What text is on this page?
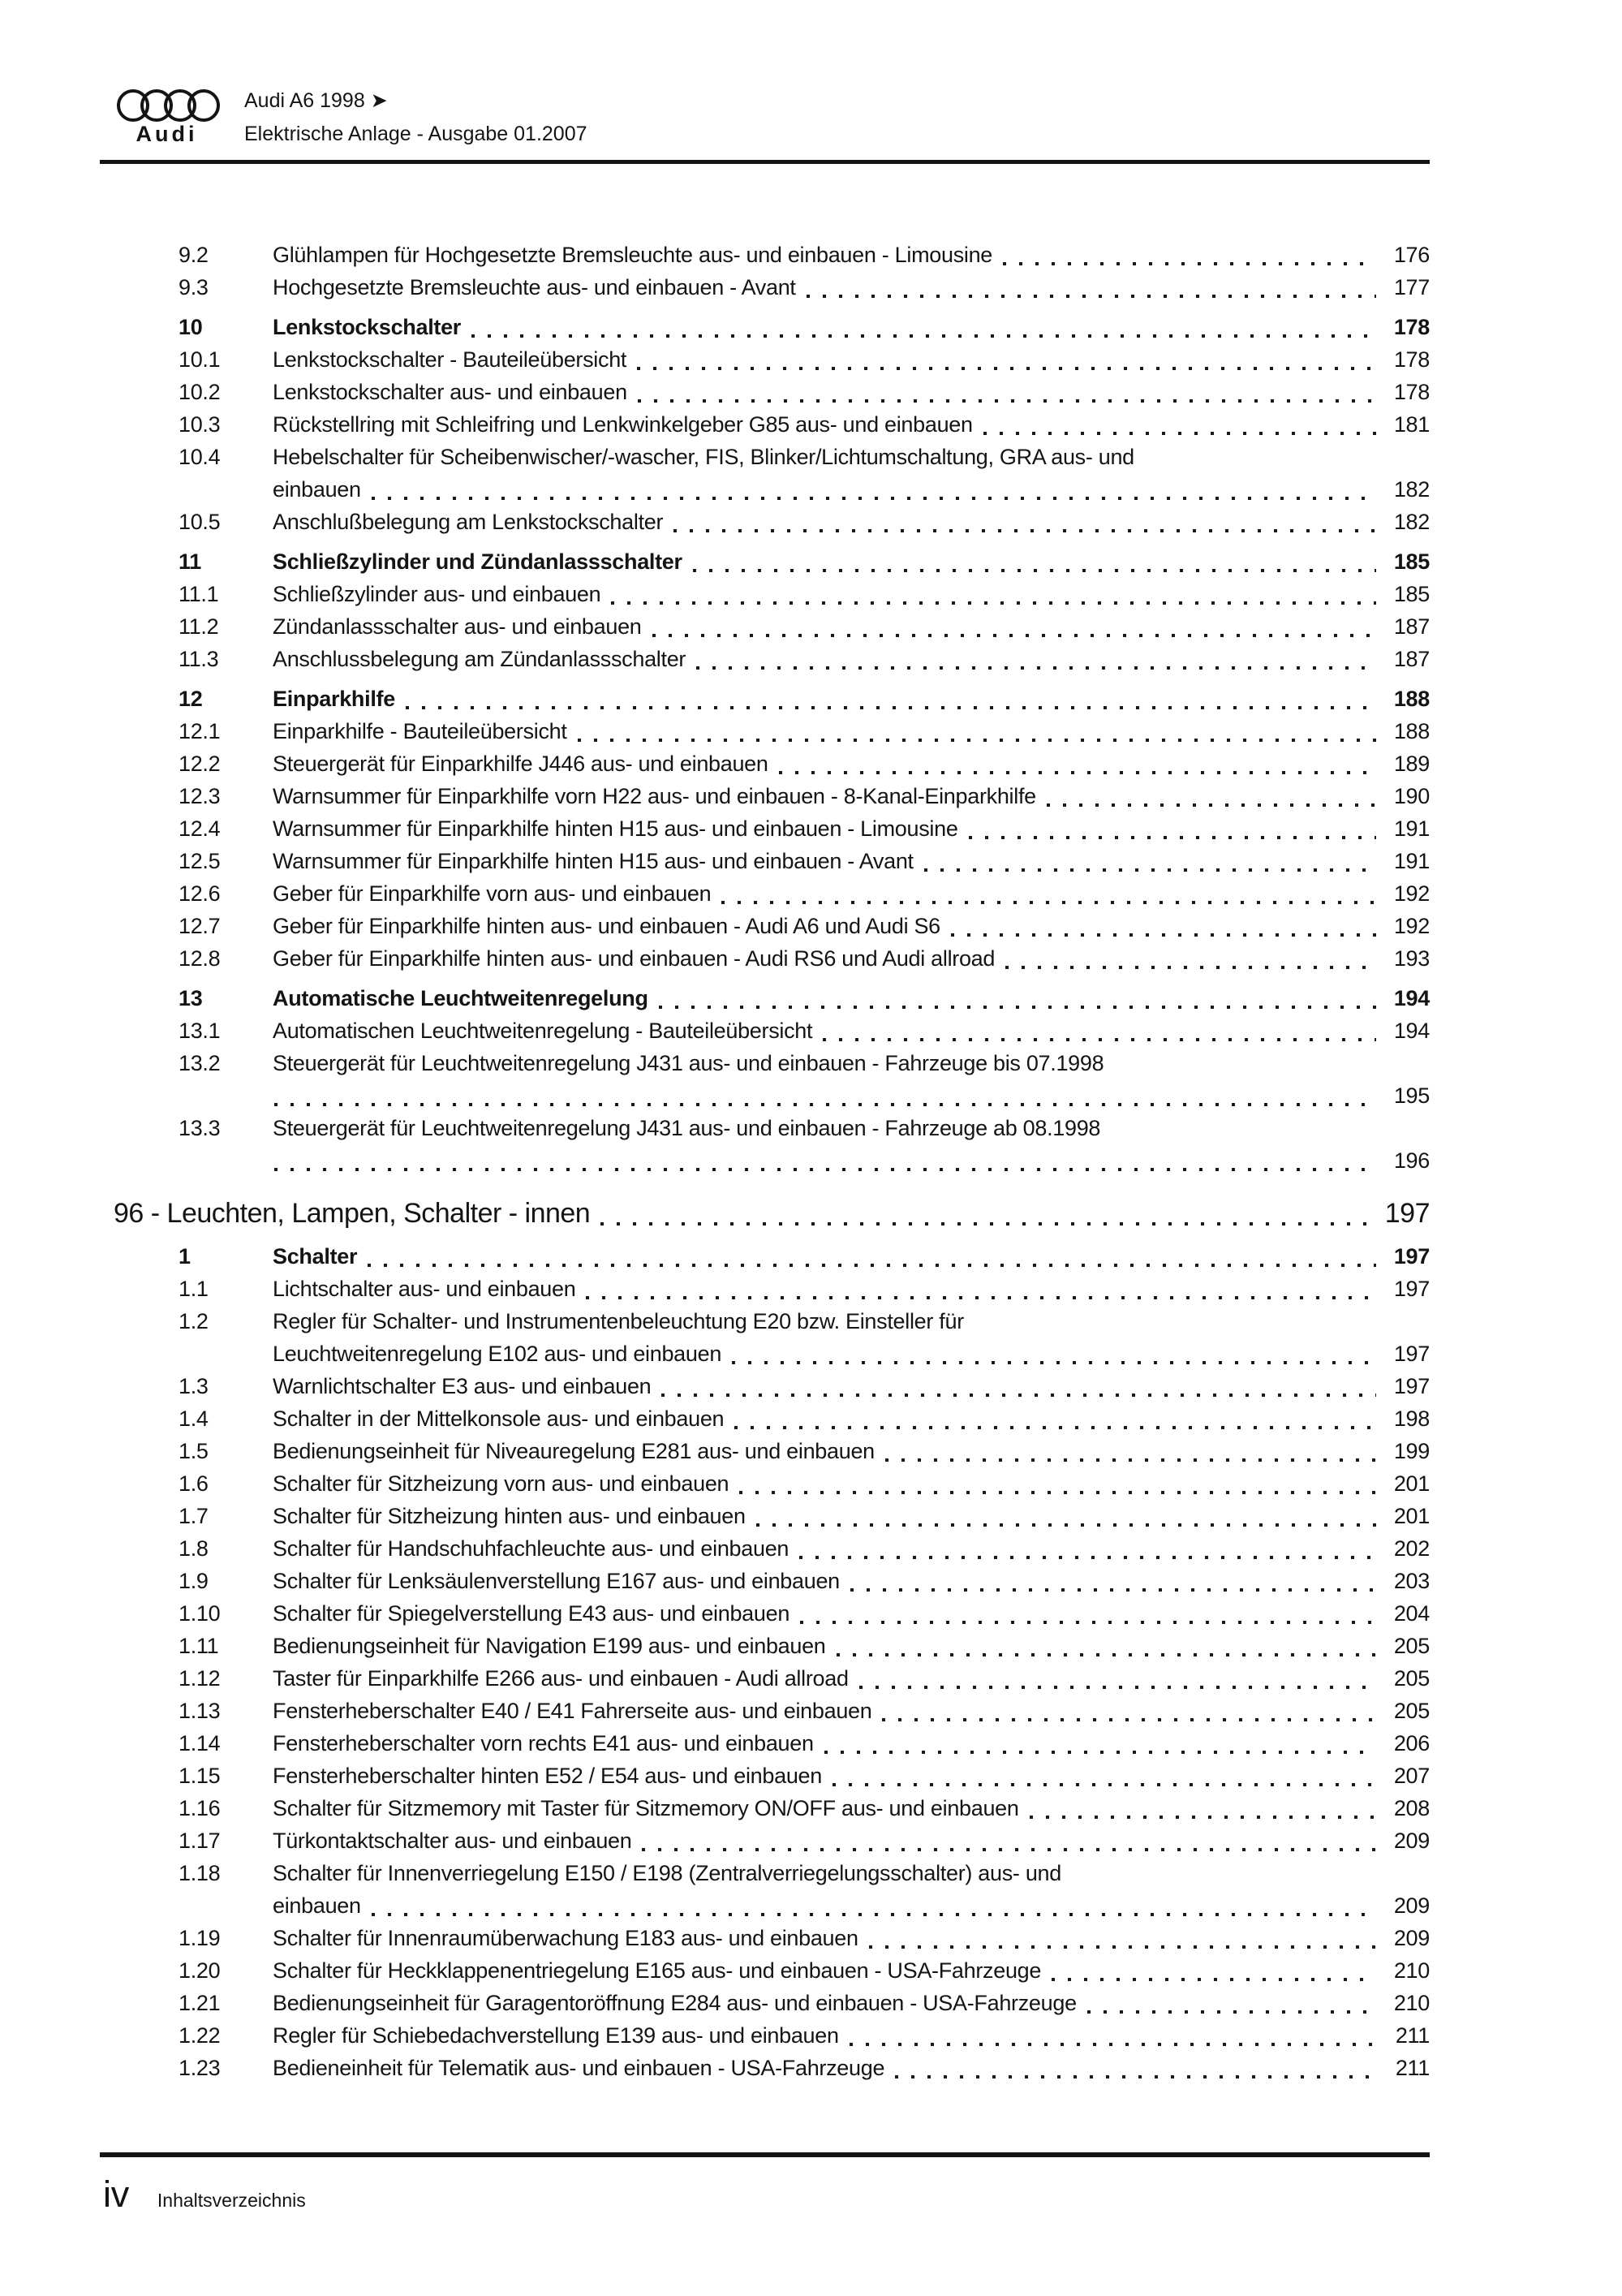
Audi
Audi A6 1998 ➤
Elektrische Anlage - Ausgabe 01.2007
9.2	Glühlampen für Hochgesetzte Bremsleuchte aus- und einbauen - Limousine	176
9.3	Hochgesetzte Bremsleuchte aus- und einbauen - Avant	177
10	Lenkstockschalter	178
10.1	Lenkstockschalter - Bauteileübersicht	178
10.2	Lenkstockschalter aus- und einbauen	178
10.3	Rückstellring mit Schleifring und Lenkwinkelgeber G85 aus- und einbauen	181
10.4	Hebelschalter für Scheibenwischer/-wascher, FIS, Blinker/Lichtumschaltung, GRA aus- und
einbauen	182
10.5	Anschlußbelegung am Lenkstockschalter	182
11	Schließzylinder und Zündanlassschalter	185
11.1	Schließzylinder aus- und einbauen	185
11.2	Zündanlassschalter aus- und einbauen	187
11.3	Anschlussbelegung am Zündanlassschalter	187
12	Einparkhilfe	188
12.1	Einparkhilfe - Bauteileübersicht	188
12.2	Steuergerät für Einparkhilfe J446 aus- und einbauen	189
12.3	Warnsummer für Einparkhilfe vorn H22 aus- und einbauen - 8-Kanal-Einparkhilfe	190
12.4	Warnsummer für Einparkhilfe hinten H15 aus- und einbauen - Limousine	191
12.5	Warnsummer für Einparkhilfe hinten H15 aus- und einbauen - Avant	191
12.6	Geber für Einparkhilfe vorn aus- und einbauen	192
12.7	Geber für Einparkhilfe hinten aus- und einbauen - Audi A6 und Audi S6	192
12.8	Geber für Einparkhilfe hinten aus- und einbauen - Audi RS6 und Audi allroad	193
13	Automatische Leuchtweitenregelung	194
13.1	Automatischen Leuchtweitenregelung - Bauteileübersicht	194
13.2	Steuergerät für Leuchtweitenregelung J431 aus- und einbauen - Fahrzeuge bis 07.1998
195
13.3	Steuergerät für Leuchtweitenregelung J431 aus- und einbauen - Fahrzeuge ab 08.1998
196
96 - Leuchten, Lampen, Schalter - innen	197
1	Schalter	197
1.1	Lichtschalter aus- und einbauen	197
1.2	Regler für Schalter- und Instrumentenbeleuchtung E20 bzw. Einsteller für
Leuchtweitenregelung E102 aus- und einbauen	197
1.3	Warnlichtschalter E3 aus- und einbauen	197
1.4	Schalter in der Mittelkonsole aus- und einbauen	198
1.5	Bedienungseinheit für Niveauregelung E281 aus- und einbauen	199
1.6	Schalter für Sitzheizung vorn aus- und einbauen	201
1.7	Schalter für Sitzheizung hinten aus- und einbauen	201
1.8	Schalter für Handschuhfachleuchte aus- und einbauen	202
1.9	Schalter für Lenksäulenverstellung E167 aus- und einbauen	203
1.10	Schalter für Spiegelverstellung E43 aus- und einbauen	204
1.11	Bedienungseinheit für Navigation E199 aus- und einbauen	205
1.12	Taster für Einparkhilfe E266 aus- und einbauen - Audi allroad	205
1.13	Fensterheberschalter E40 / E41 Fahrerseite aus- und einbauen	205
1.14	Fensterheberschalter vorn rechts E41 aus- und einbauen	206
1.15	Fensterheberschalter hinten E52 / E54 aus- und einbauen	207
1.16	Schalter für Sitzmemory mit Taster für Sitzmemory ON/OFF aus- und einbauen	208
1.17	Türkontaktschalter aus- und einbauen	209
1.18	Schalter für Innenverriegelung E150 / E198 (Zentralverriegelungsschalter) aus- und
einbauen	209
1.19	Schalter für Innenraumüberwachung E183 aus- und einbauen	209
1.20	Schalter für Heckklappenentriegelung E165 aus- und einbauen - USA-Fahrzeuge	210
1.21	Bedienungseinheit für Garagentoröffnung E284 aus- und einbauen - USA-Fahrzeuge	210
1.22	Regler für Schiebedachverstellung E139 aus- und einbauen	211
1.23	Bedieneinheit für Telematik aus- und einbauen - USA-Fahrzeuge	211
iv Inhaltsverzeichnis
